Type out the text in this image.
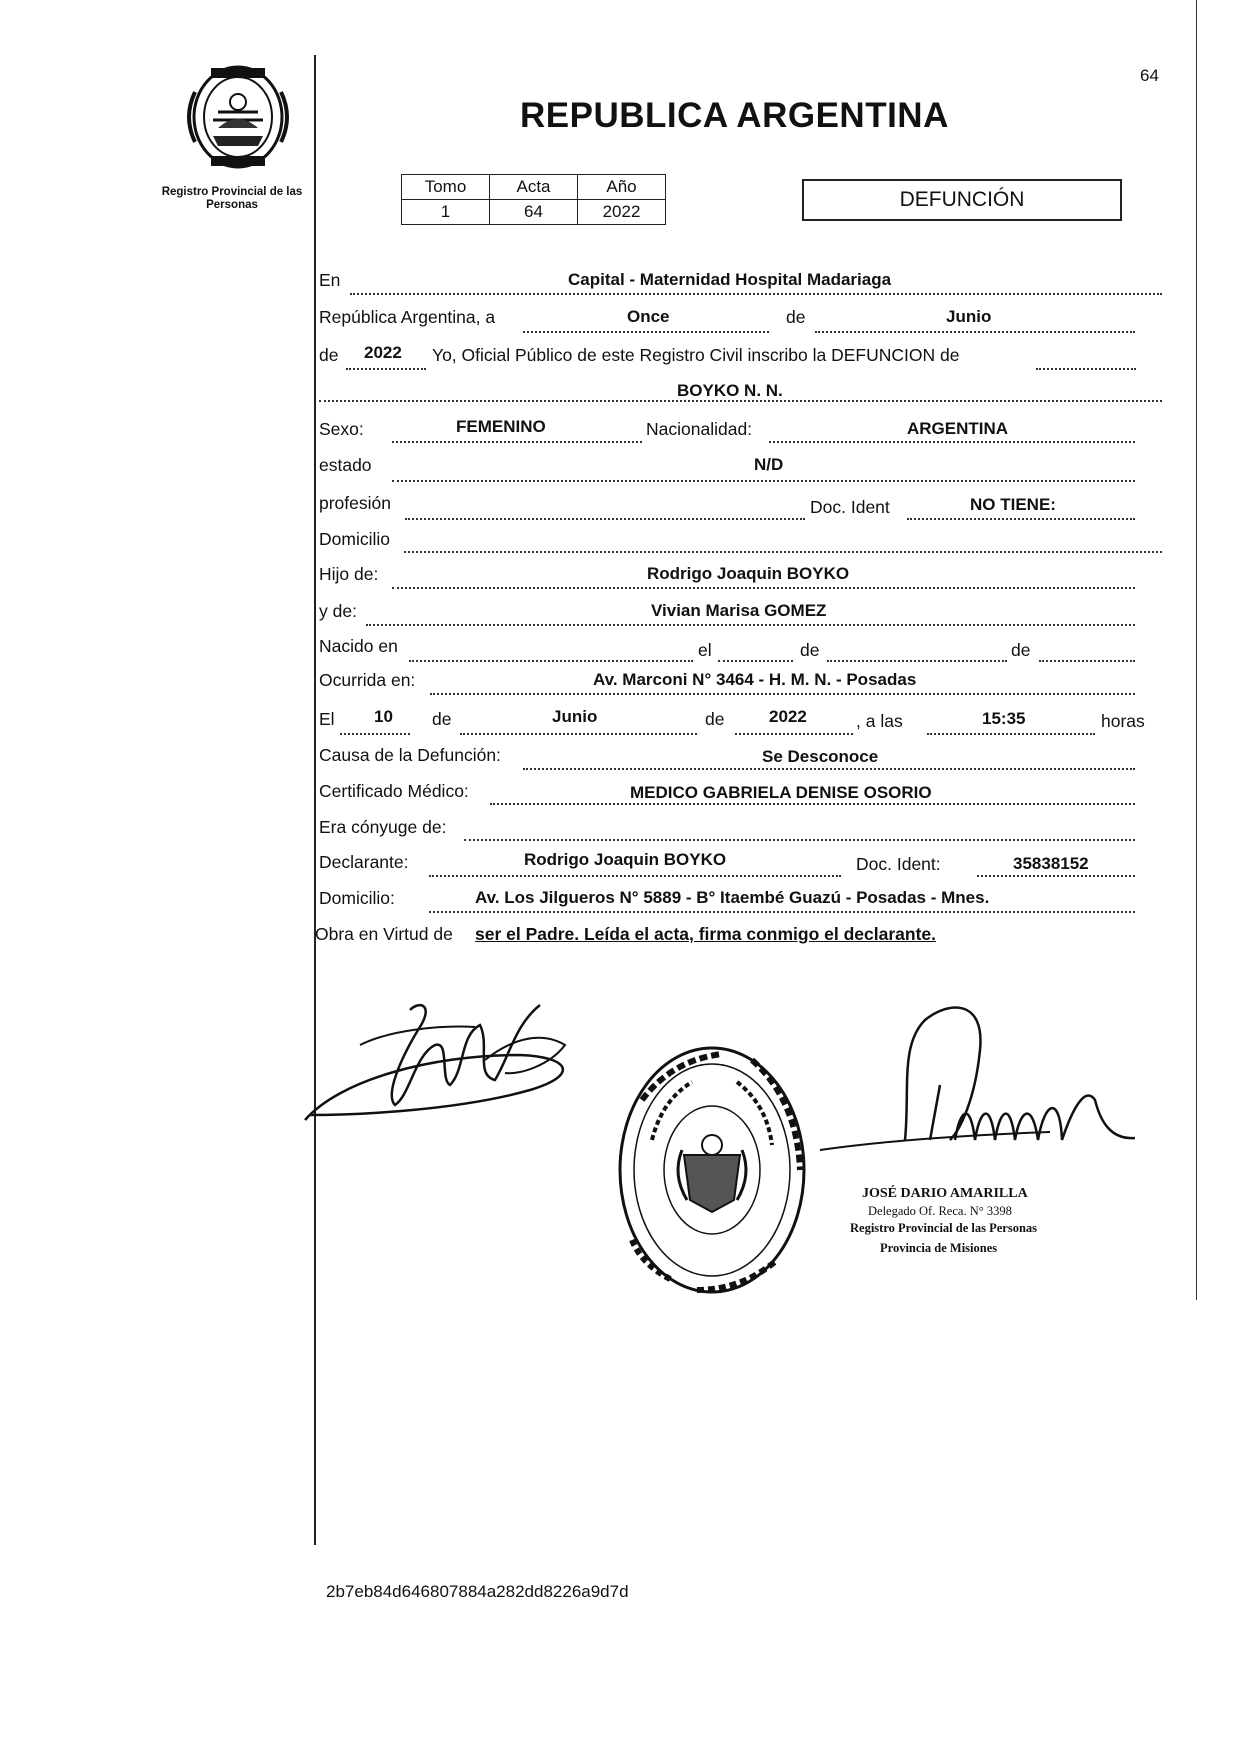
64
Registro Provincial de las Personas
REPUBLICA ARGENTINA
Tomo	Acta	Año
1	64	2022
DEFUNCIÓN
En	Capital - Maternidad Hospital Madariaga
República Argentina, a	Once	de	Junio
de 2022 Yo, Oficial Público de este Registro Civil inscribo la DEFUNCION de
BOYKO N. N.
Sexo:	FEMENINO	Nacionalidad:	ARGENTINA
estado	N/D
profesión	Doc. Ident	NO TIENE:
Domicilio
Hijo de:	Rodrigo Joaquin BOYKO
y de:	Vivian Marisa GOMEZ
Nacido en	el	de	de
Ocurrida en:	Av. Marconi N° 3464 - H. M. N. - Posadas
El 10 de	Junio	de	2022	, a las	15:35	horas
Causa de la Defunción:	Se Desconoce
Certificado Médico:	MEDICO GABRIELA DENISE OSORIO
Era cónyuge de:
Declarante:	Rodrigo Joaquin BOYKO	Doc. Ident:	35838152
Domicilio:	Av. Los Jilgueros N° 5889 - B° Itaembé Guazú - Posadas - Mnes.
Obra en Virtud de ser el Padre. Leída el acta, firma conmigo el declarante.
JOSÉ DARIO AMARILLA
Delegado Of. Reca. N° 3398
Registro Provincial de las Personas
Provincia de Misiones
2b7eb84d646807884a282dd8226a9d7d
